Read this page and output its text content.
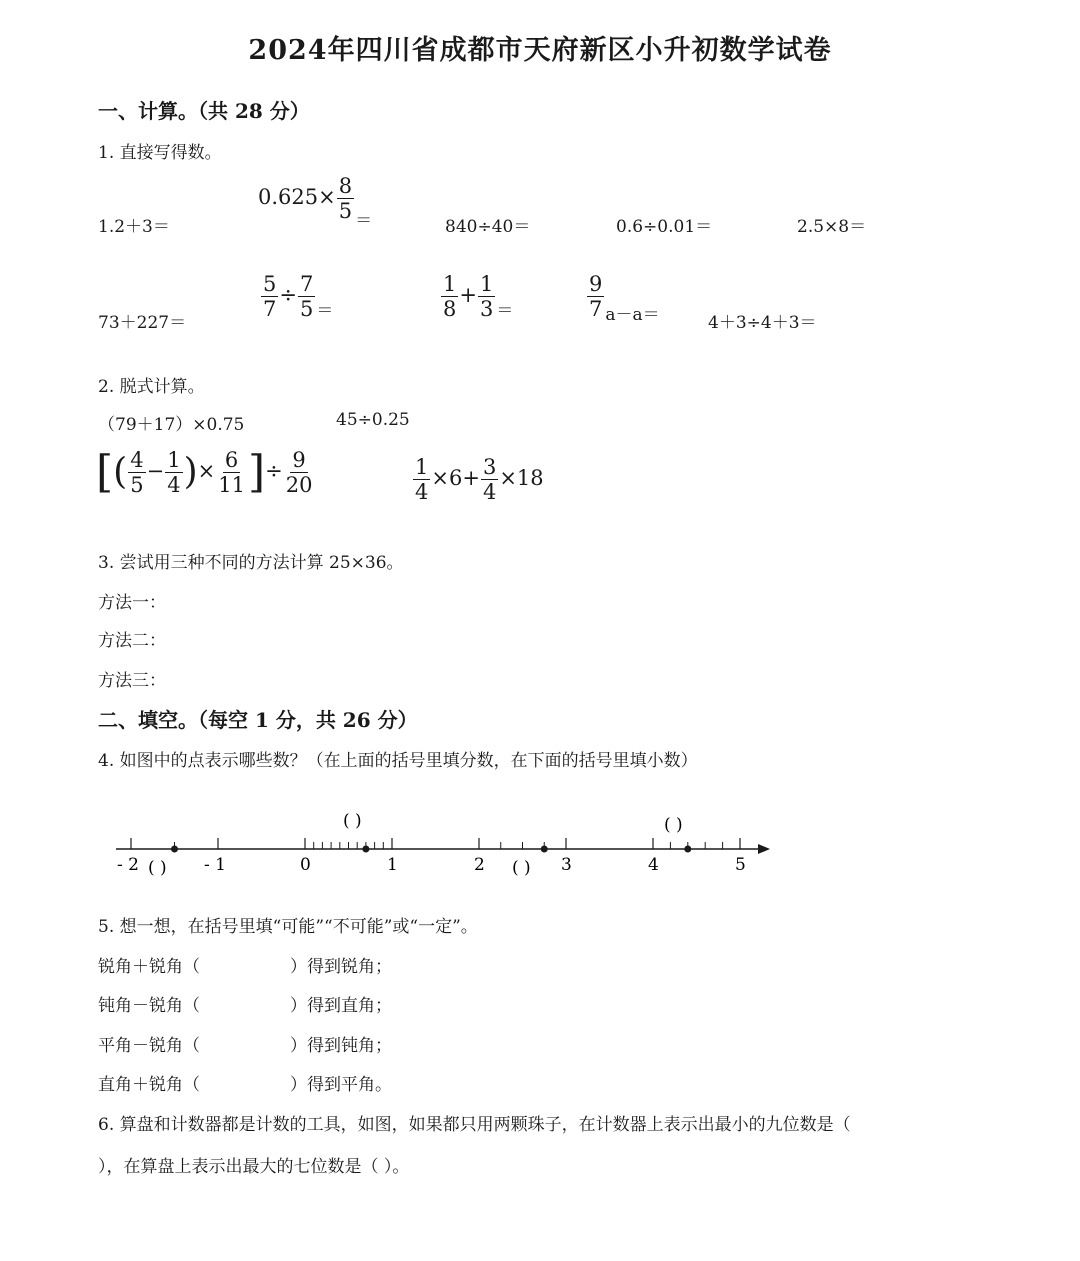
2024年四川省成都市天府新区小升初数学试卷
一、计算。（共 28 分）
1. 直接写得数。
1.2＋3＝
$0.625\times \frac{8}{5} _=$	840÷40＝	0.6÷0.01＝	2.5×8＝
73＋227＝
$\frac{5}{7} \div \frac{7}{5} _=$	$\frac{1}{8} + \frac{1}{3} _=$	$\frac{9}{7} _{a-a=}$	4＋3÷4＋3＝
2. 脱式计算。
（79＋17）×0.75	45÷0.25
[( $\frac{4}{5} - \frac{1}{4}$ )× $\frac{6}{11}$ ]÷ $\frac{9}{20}$	$\frac{1}{4} \times 6+ \frac{3}{4} \times 18$
3. 尝试用三种不同的方法计算 25×36。
方法一：
方法二：
方法三：
二、填空。（每空 1 分，共 26 分）
4. 如图中的点表示哪些数？（在上面的括号里填分数，在下面的括号里填小数）
- 2	- 1	0	1	2	3	4	5
( )	( )
( )	( )
5. 想一想，在括号里填“可能”“不可能”或“一定”。
锐角＋锐角（	）得到锐角；
钝角－锐角（	）得到直角；
平角－锐角（	）得到钝角；
直角＋锐角（	）得到平角。
6. 算盘和计数器都是计数的工具，如图，如果都只用两颗珠子，在计数器上表示出最小的九位数是（
），在算盘上表示出最大的七位数是（ ）。
